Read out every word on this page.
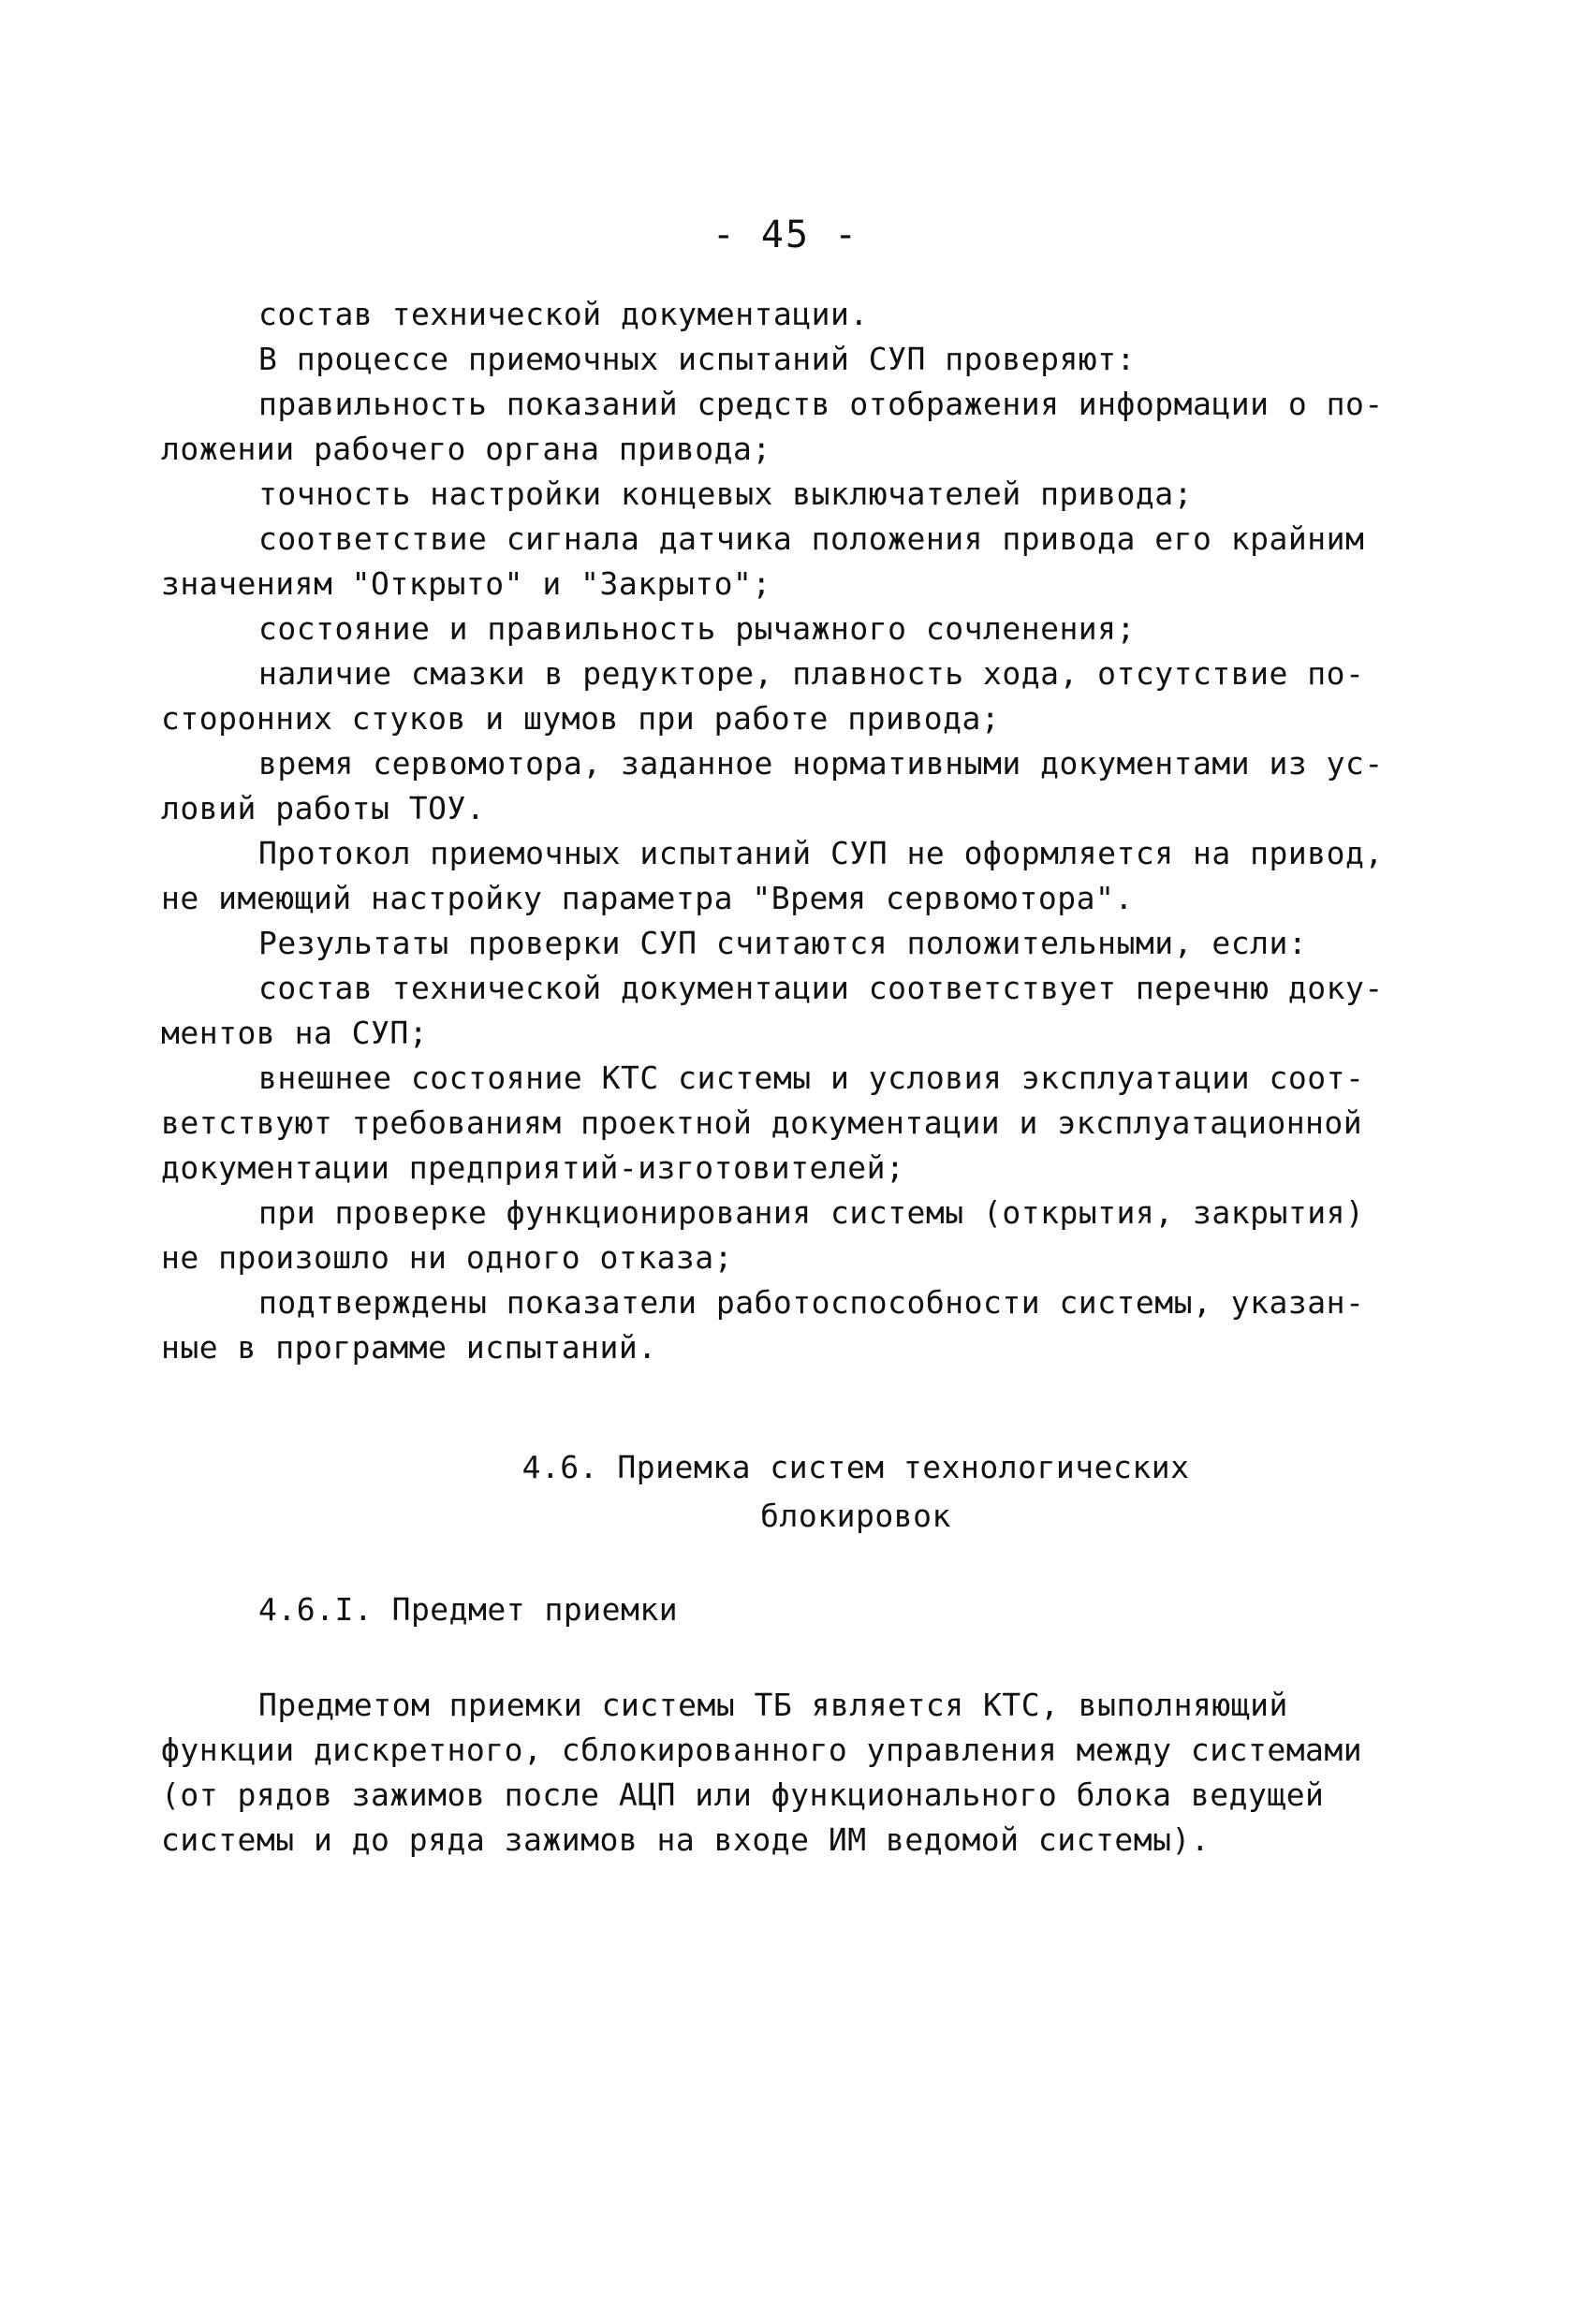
- 45 -
состав технической документации.
В процессе приемочных испытаний СУП проверяют:
правильность показаний средств отображения информации о по-
ложении рабочего органа привода;
точность настройки концевых выключателей привода;
соответствие сигнала датчика положения привода его крайним
значениям "Открыто" и "Закрыто";
состояние и правильность рычажного сочленения;
наличие смазки в редукторе, плавность хода, отсутствие по-
сторонних стуков и шумов при работе привода;
время сервомотора, заданное нормативными документами из ус-
ловий работы ТОУ.
Протокол приемочных испытаний СУП не оформляется на привод,
не имеющий настройку параметра "Время сервомотора".
Результаты проверки СУП считаются положительными, если:
состав технической документации соответствует перечню доку-
ментов на СУП;
внешнее состояние КТС системы и условия эксплуатации соот-
ветствуют требованиям проектной документации и эксплуатационной
документации предприятий-изготовителей;
при проверке функционирования системы (открытия, закрытия)
не произошло ни одного отказа;
подтверждены показатели работоспособности системы, указан-
ные в программе испытаний.
4.6. Приемка систем технологических
блокировок
4.6.I. Предмет приемки
Предметом приемки системы ТБ является КТС, выполняющий
функции дискретного, сблокированного управления между системами
(от рядов зажимов после АЦП или функционального блока ведущей
системы и до ряда зажимов на входе ИМ ведомой системы).
